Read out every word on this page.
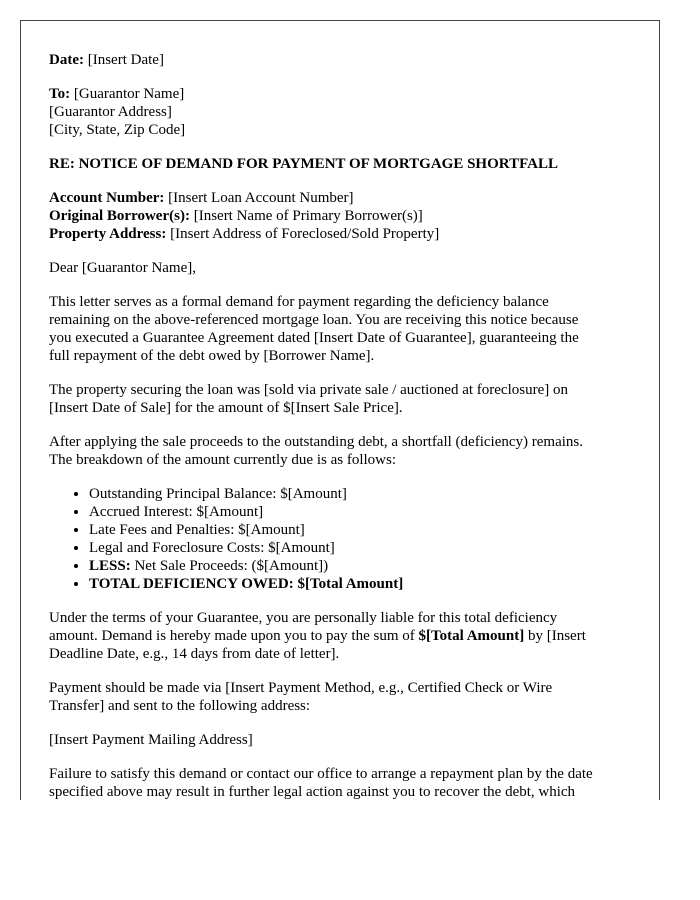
Date: [Insert Date]

To: [Guarantor Name]
[Guarantor Address]
[City, State, Zip Code]

RE: NOTICE OF DEMAND FOR PAYMENT OF MORTGAGE SHORTFALL

Account Number: [Insert Loan Account Number]
Original Borrower(s): [Insert Name of Primary Borrower(s)]
Property Address: [Insert Address of Foreclosed/Sold Property]

Dear [Guarantor Name],

This letter serves as a formal demand for payment regarding the deficiency balance
remaining on the above-referenced mortgage loan. You are receiving this notice because
you executed a Guarantee Agreement dated [Insert Date of Guarantee], guaranteeing the
full repayment of the debt owed by [Borrower Name].

The property securing the loan was [sold via private sale / auctioned at foreclosure] on
[Insert Date of Sale] for the amount of $[Insert Sale Price].

After applying the sale proceeds to the outstanding debt, a shortfall (deficiency) remains.
The breakdown of the amount currently due is as follows:

• Outstanding Principal Balance: $[Amount]
• Accrued Interest: $[Amount]
• Late Fees and Penalties: $[Amount]
• Legal and Foreclosure Costs: $[Amount]
• LESS: Net Sale Proceeds: ($[Amount])
• TOTAL DEFICIENCY OWED: $[Total Amount]

Under the terms of your Guarantee, you are personally liable for this total deficiency
amount. Demand is hereby made upon you to pay the sum of $[Total Amount] by [Insert
Deadline Date, e.g., 14 days from date of letter].

Payment should be made via [Insert Payment Method, e.g., Certified Check or Wire
Transfer] and sent to the following address:

[Insert Payment Mailing Address]

Failure to satisfy this demand or contact our office to arrange a repayment plan by the date
specified above may result in further legal action against you to recover the debt, which
